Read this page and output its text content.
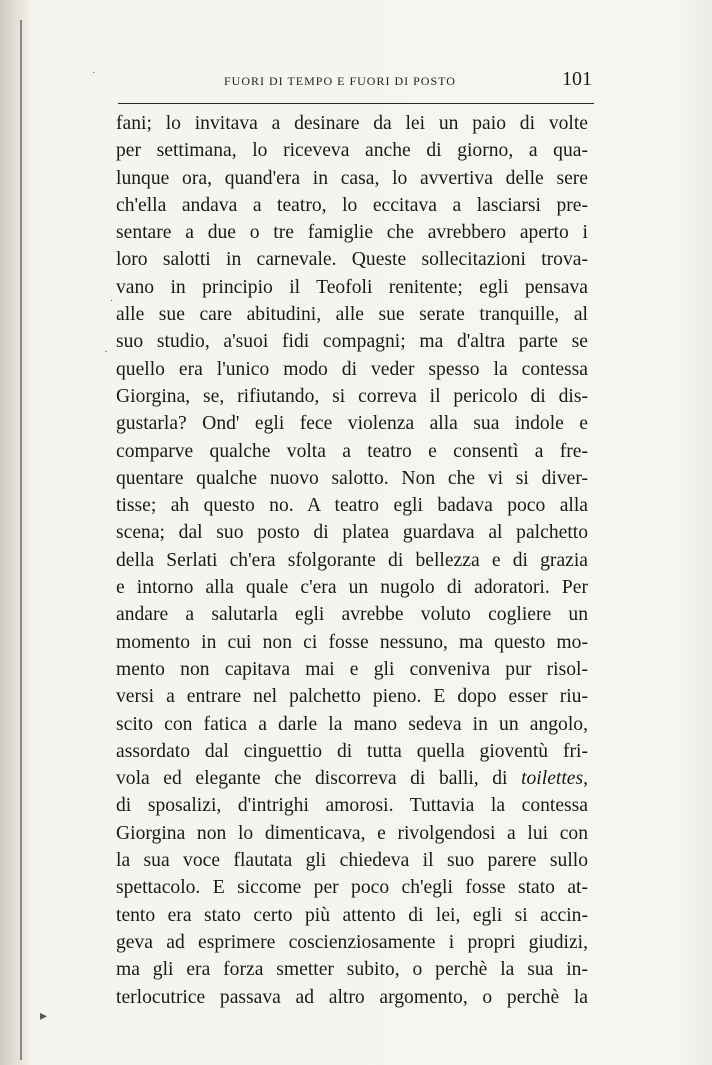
FUORI DI TEMPO E FUORI DI POSTO	101
fani; lo invitava a desinare da lei un paio di volte
per settimana, lo riceveva anche di giorno, a qua-
lunque ora, quand'era in casa, lo avvertiva delle sere
ch'ella andava a teatro, lo eccitava a lasciarsi pre-
sentare a due o tre famiglie che avrebbero aperto i
loro salotti in carnevale. Queste sollecitazioni trova-
vano in principio il Teofoli renitente; egli pensava
alle sue care abitudini, alle sue serate tranquille, al
suo studio, a'suoi fidi compagni; ma d'altra parte se
quello era l'unico modo di veder spesso la contessa
Giorgina, se, rifiutando, si correva il pericolo di dis-
gustarla? Ond' egli fece violenza alla sua indole e
comparve qualche volta a teatro e consentì a fre-
quentare qualche nuovo salotto. Non che vi si diver-
tisse; ah questo no. A teatro egli badava poco alla
scena; dal suo posto di platea guardava al palchetto
della Serlati ch'era sfolgorante di bellezza e di grazia
e intorno alla quale c'era un nugolo di adoratori. Per
andare a salutarla egli avrebbe voluto cogliere un
momento in cui non ci fosse nessuno, ma questo mo-
mento non capitava mai e gli conveniva pur risol-
versi a entrare nel palchetto pieno. E dopo esser riu-
scito con fatica a darle la mano sedeva in un angolo,
assordato dal cinguettio di tutta quella gioventù fri-
vola ed elegante che discorreva di balli, di toilettes,
di sposalizi, d'intrighi amorosi. Tuttavia la contessa
Giorgina non lo dimenticava, e rivolgendosi a lui con
la sua voce flautata gli chiedeva il suo parere sullo
spettacolo. E siccome per poco ch'egli fosse stato at-
tento era stato certo più attento di lei, egli si accin-
geva ad esprimere coscienziosamente i propri giudizi,
ma gli era forza smetter subito, o perchè la sua in-
terlocutrice passava ad altro argomento, o perchè la
·
·
·
▸
